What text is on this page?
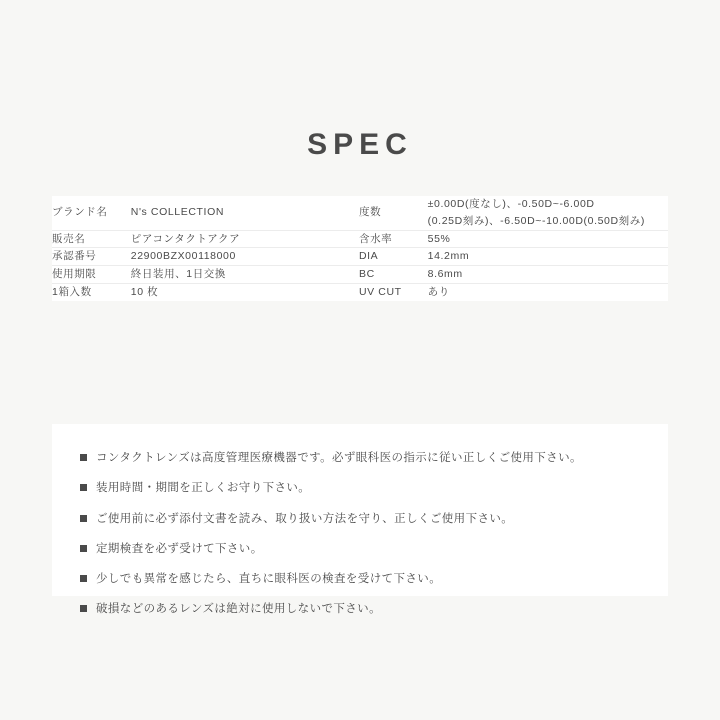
SPEC
ブランド名	N's COLLECTION	度数	±0.00D(度なし)、-0.50D~-6.00D
(0.25D刻み)、-6.50D~-10.00D(0.50D刻み)

販売名	ピアコンタクトアクア	含水率	55%
承認番号	22900BZX00118000	DIA	14.2mm
使用期限	終日装用、1日交換	BC	8.6mm
1箱入数	10 枚	UV CUT	あり
コンタクトレンズは高度管理医療機器です。必ず眼科医の指示に従い正しくご使用下さい。
装用時間・期間を正しくお守り下さい。
ご使用前に必ず添付文書を読み、取り扱い方法を守り、正しくご使用下さい。
定期検査を必ず受けて下さい。
少しでも異常を感じたら、直ちに眼科医の検査を受けて下さい。
破損などのあるレンズは絶対に使用しないで下さい。
